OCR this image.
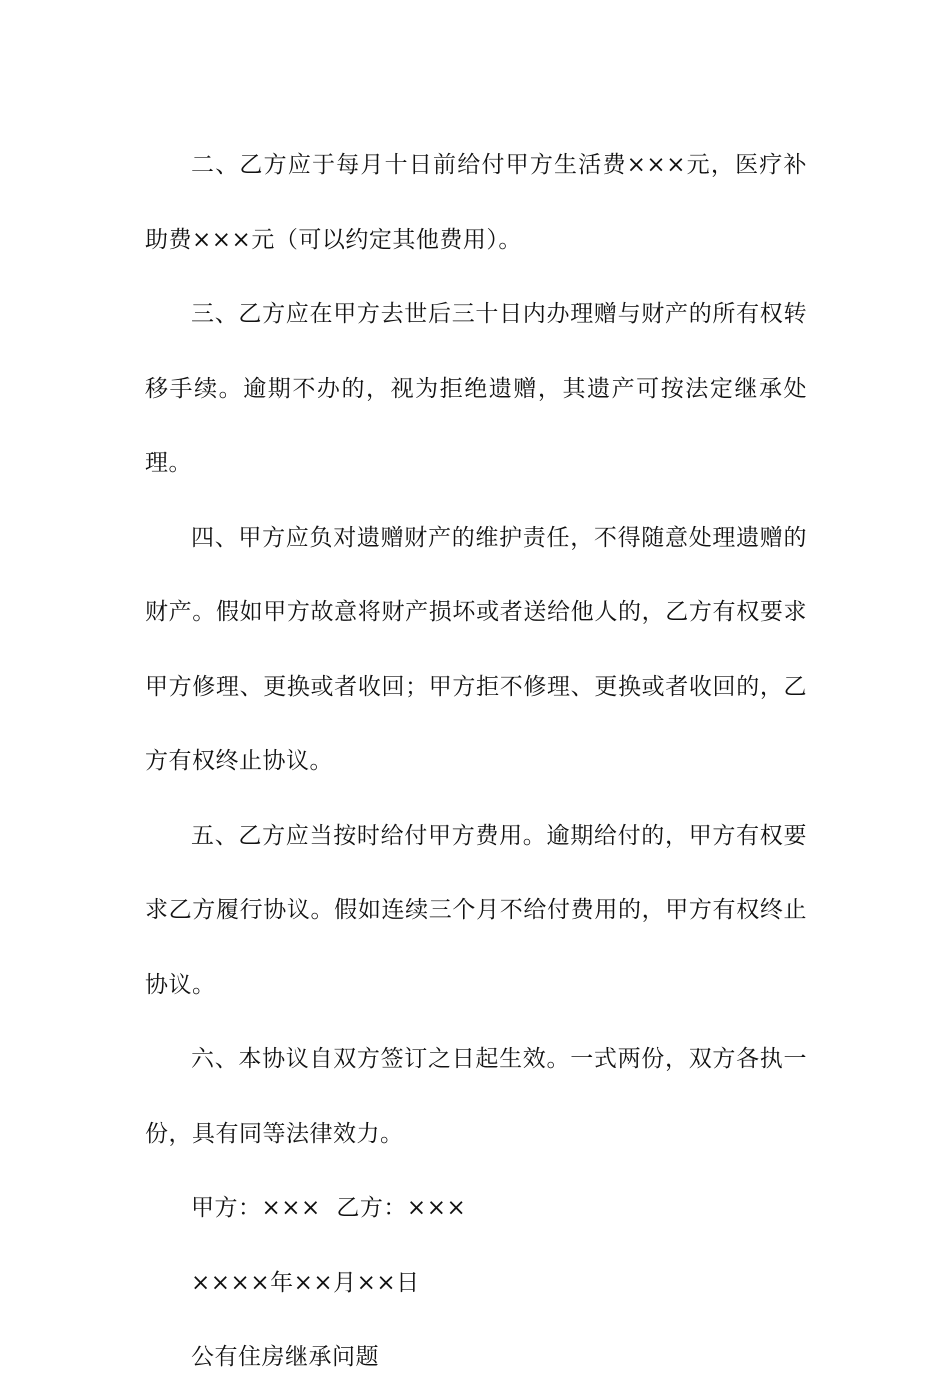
二、乙方应于每月十日前给付甲方生活费×××元，医疗补助费×××元（可以约定其他费用）。

三、乙方应在甲方去世后三十日内办理赠与财产的所有权转移手续。逾期不办的，视为拒绝遗赠，其遗产可按法定继承处理。

四、甲方应负对遗赠财产的维护责任，不得随意处理遗赠的财产。假如甲方故意将财产损坏或者送给他人的，乙方有权要求甲方修理、更换或者收回；甲方拒不修理、更换或者收回的，乙方有权终止协议。

五、乙方应当按时给付甲方费用。逾期给付的，甲方有权要求乙方履行协议。假如连续三个月不给付费用的，甲方有权终止协议。

六、本协议自双方签订之日起生效。一式两份，双方各执一份，具有同等法律效力。

甲方：×××  乙方：×××

××××年××月××日

公有住房继承问题
